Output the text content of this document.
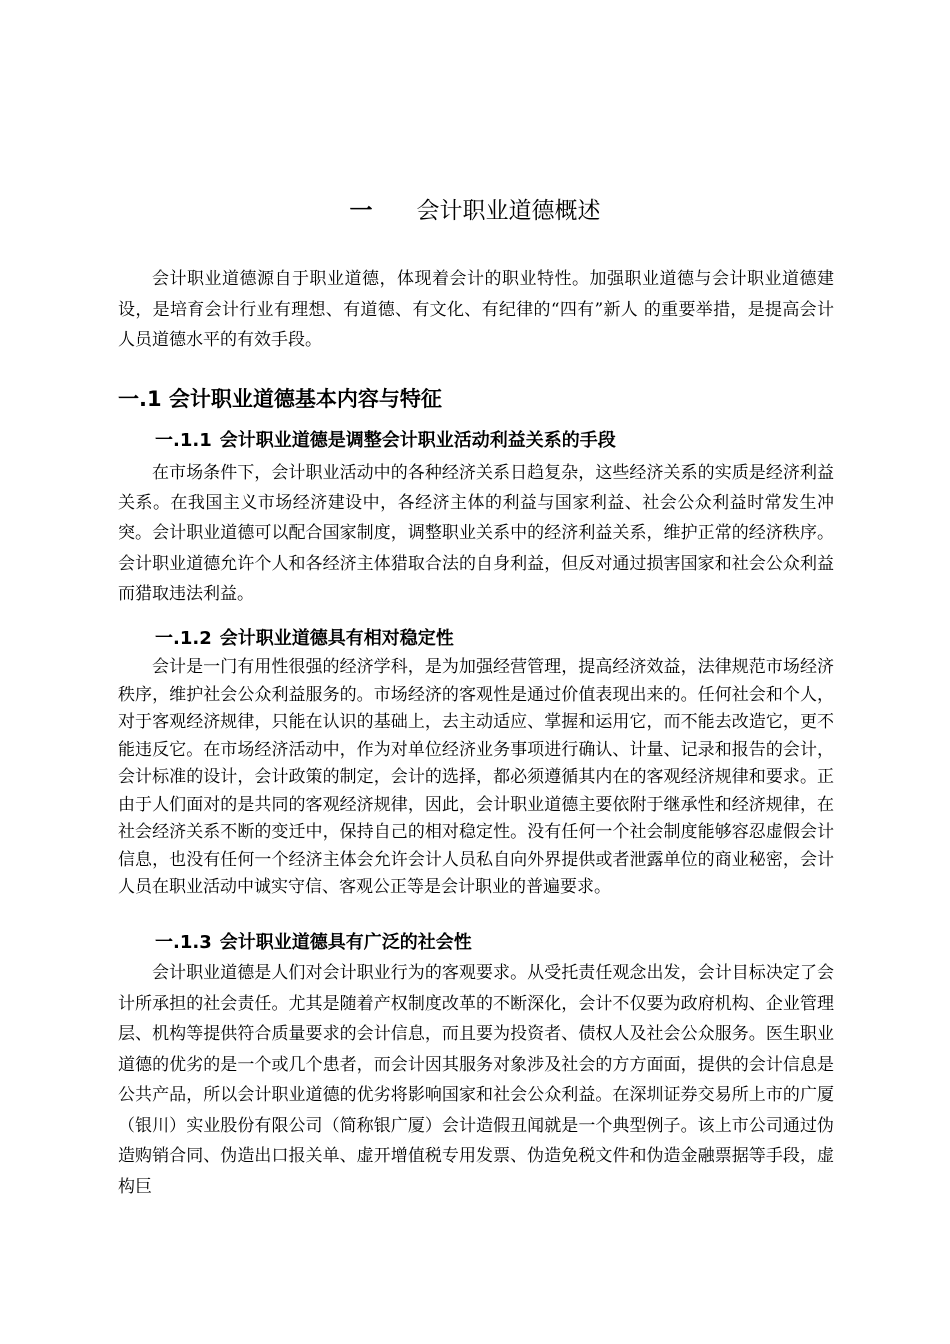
一 会计职业道德概述

会计职业道德源自于职业道德，体现着会计的职业特性。加强职业道德与会计职业道德建设，是培育会计行业有理想、有道德、有文化、有纪律的“四有”新人 的重要举措，是提高会计人员道德水平的有效手段。

一.1 会计职业道德基本内容与特征
一.1.1 会计职业道德是调整会计职业活动利益关系的手段

在市场条件下，会计职业活动中的各种经济关系日趋复杂，这些经济关系的实质是经济利益关系。在我国主义市场经济建设中，各经济主体的利益与国家利益、社会公众利益时常发生冲突。会计职业道德可以配合国家制度，调整职业关系中的经济利益关系，维护正常的经济秩序。会计职业道德允许个人和各经济主体猎取合法的自身利益，但反对通过损害国家和社会公众利益而猎取违法利益。

一.1.2 会计职业道德具有相对稳定性

会计是一门有用性很强的经济学科，是为加强经营管理，提高经济效益，法律规范市场经济秩序，维护社会公众利益服务的。市场经济的客观性是通过价值表现出来的。任何社会和个人，对于客观经济规律，只能在认识的基础上，去主动适应、掌握和运用它，而不能去改造它，更不能违反它。在市场经济活动中，作为对单位经济业务事项进行确认、计量、记录和报告的会计，会计标准的设计，会计政策的制定，会计的选择，都必须遵循其内在的客观经济规律和要求。正由于人们面对的是共同的客观经济规律，因此，会计职业道德主要依附于继承性和经济规律，在社会经济关系不断的变迁中，保持自己的相对稳定性。没有任何一个社会制度能够容忍虚假会计信息，也没有任何一个经济主体会允许会计人员私自向外界提供或者泄露单位的商业秘密，会计人员在职业活动中诚实守信、客观公正等是会计职业的普遍要求。

一.1.3 会计职业道德具有广泛的社会性

会计职业道德是人们对会计职业行为的客观要求。从受托责任观念出发，会计目标决定了会计所承担的社会责任。尤其是随着产权制度改革的不断深化，会计不仅要为政府机构、企业管理层、机构等提供符合质量要求的会计信息，而且要为投资者、债权人及社会公众服务。医生职业道德的优劣的是一个或几个患者，而会计因其服务对象涉及社会的方方面面，提供的会计信息是公共产品，所以会计职业道德的优劣将影响国家和社会公众利益。在深圳证券交易所上市的广厦（银川）实业股份有限公司（简称银广厦）会计造假丑闻就是一个典型例子。该上市公司通过伪造购销合同、伪造出口报关单、虚开增值税专用发票、伪造免税文件和伪造金融票据等手段，虚构巨
